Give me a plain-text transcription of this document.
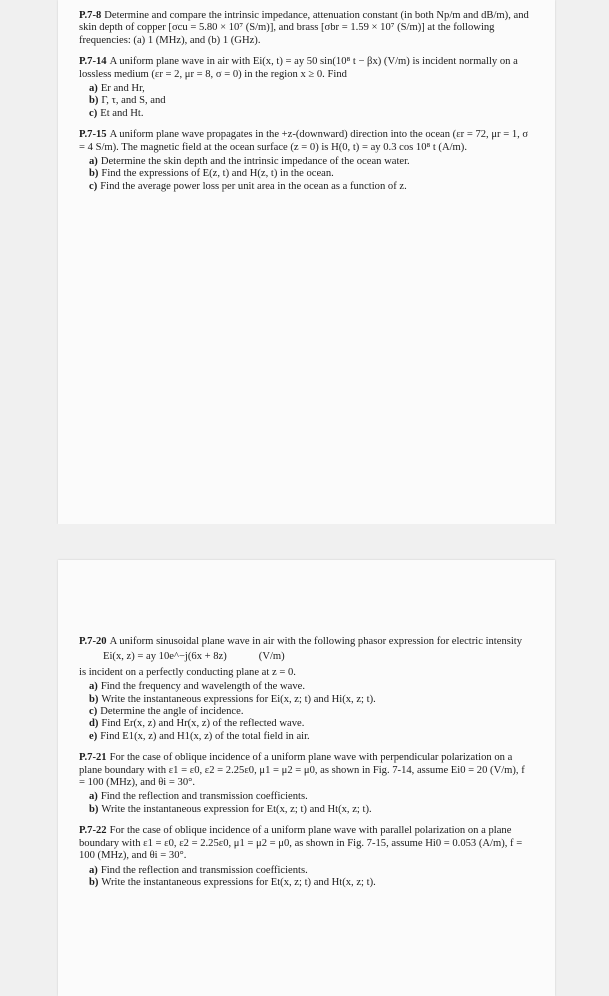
P.7-8 Determine and compare the intrinsic impedance, attenuation constant (in both Np/m and dB/m), and skin depth of copper [σcu = 5.80 × 10⁷ (S/m)], and brass [σbr = 1.59 × 10⁷ (S/m)] at the following frequencies: (a) 1 (MHz), and (b) 1 (GHz).

P.7-14 A uniform plane wave in air with Ei(x, t) = ay 50 sin(10⁸ t − βx) (V/m) is incident normally on a lossless medium (εr = 2, μr = 8, σ = 0) in the region x ≥ 0. Find

a) Er and Hr,
b) Γ, τ, and S, and
c) Et and Ht.

P.7-15 A uniform plane wave propagates in the +z-(downward) direction into the ocean (εr = 72, μr = 1, σ = 4 S/m). The magnetic field at the ocean surface (z = 0) is H(0, t) = ay 0.3 cos 10⁸ t (A/m).

a) Determine the skin depth and the intrinsic impedance of the ocean water.
b) Find the expressions of E(z, t) and H(z, t) in the ocean.
c) Find the average power loss per unit area in the ocean as a function of z.

P.7-20 A uniform sinusoidal plane wave in air with the following phasor expression for electric intensity

Ei(x, z) = ay 10e^−j(6x + 8z)	(V/m)

is incident on a perfectly conducting plane at z = 0.

a) Find the frequency and wavelength of the wave.
b) Write the instantaneous expressions for Ei(x, z; t) and Hi(x, z; t).
c) Determine the angle of incidence.
d) Find Er(x, z) and Hr(x, z) of the reflected wave.
e) Find E1(x, z) and H1(x, z) of the total field in air.

P.7-21 For the case of oblique incidence of a uniform plane wave with perpendicular polarization on a plane boundary with ε1 = ε0, ε2 = 2.25ε0, μ1 = μ2 = μ0, as shown in Fig. 7-14, assume Ei0 = 20 (V/m), f = 100 (MHz), and θi = 30°.

a) Find the reflection and transmission coefficients.
b) Write the instantaneous expression for Et(x, z; t) and Ht(x, z; t).

P.7-22 For the case of oblique incidence of a uniform plane wave with parallel polarization on a plane boundary with ε1 = ε0, ε2 = 2.25ε0, μ1 = μ2 = μ0, as shown in Fig. 7-15, assume Hi0 = 0.053 (A/m), f = 100 (MHz), and θi = 30°.

a) Find the reflection and transmission coefficients.
b) Write the instantaneous expressions for Et(x, z; t) and Ht(x, z; t).
